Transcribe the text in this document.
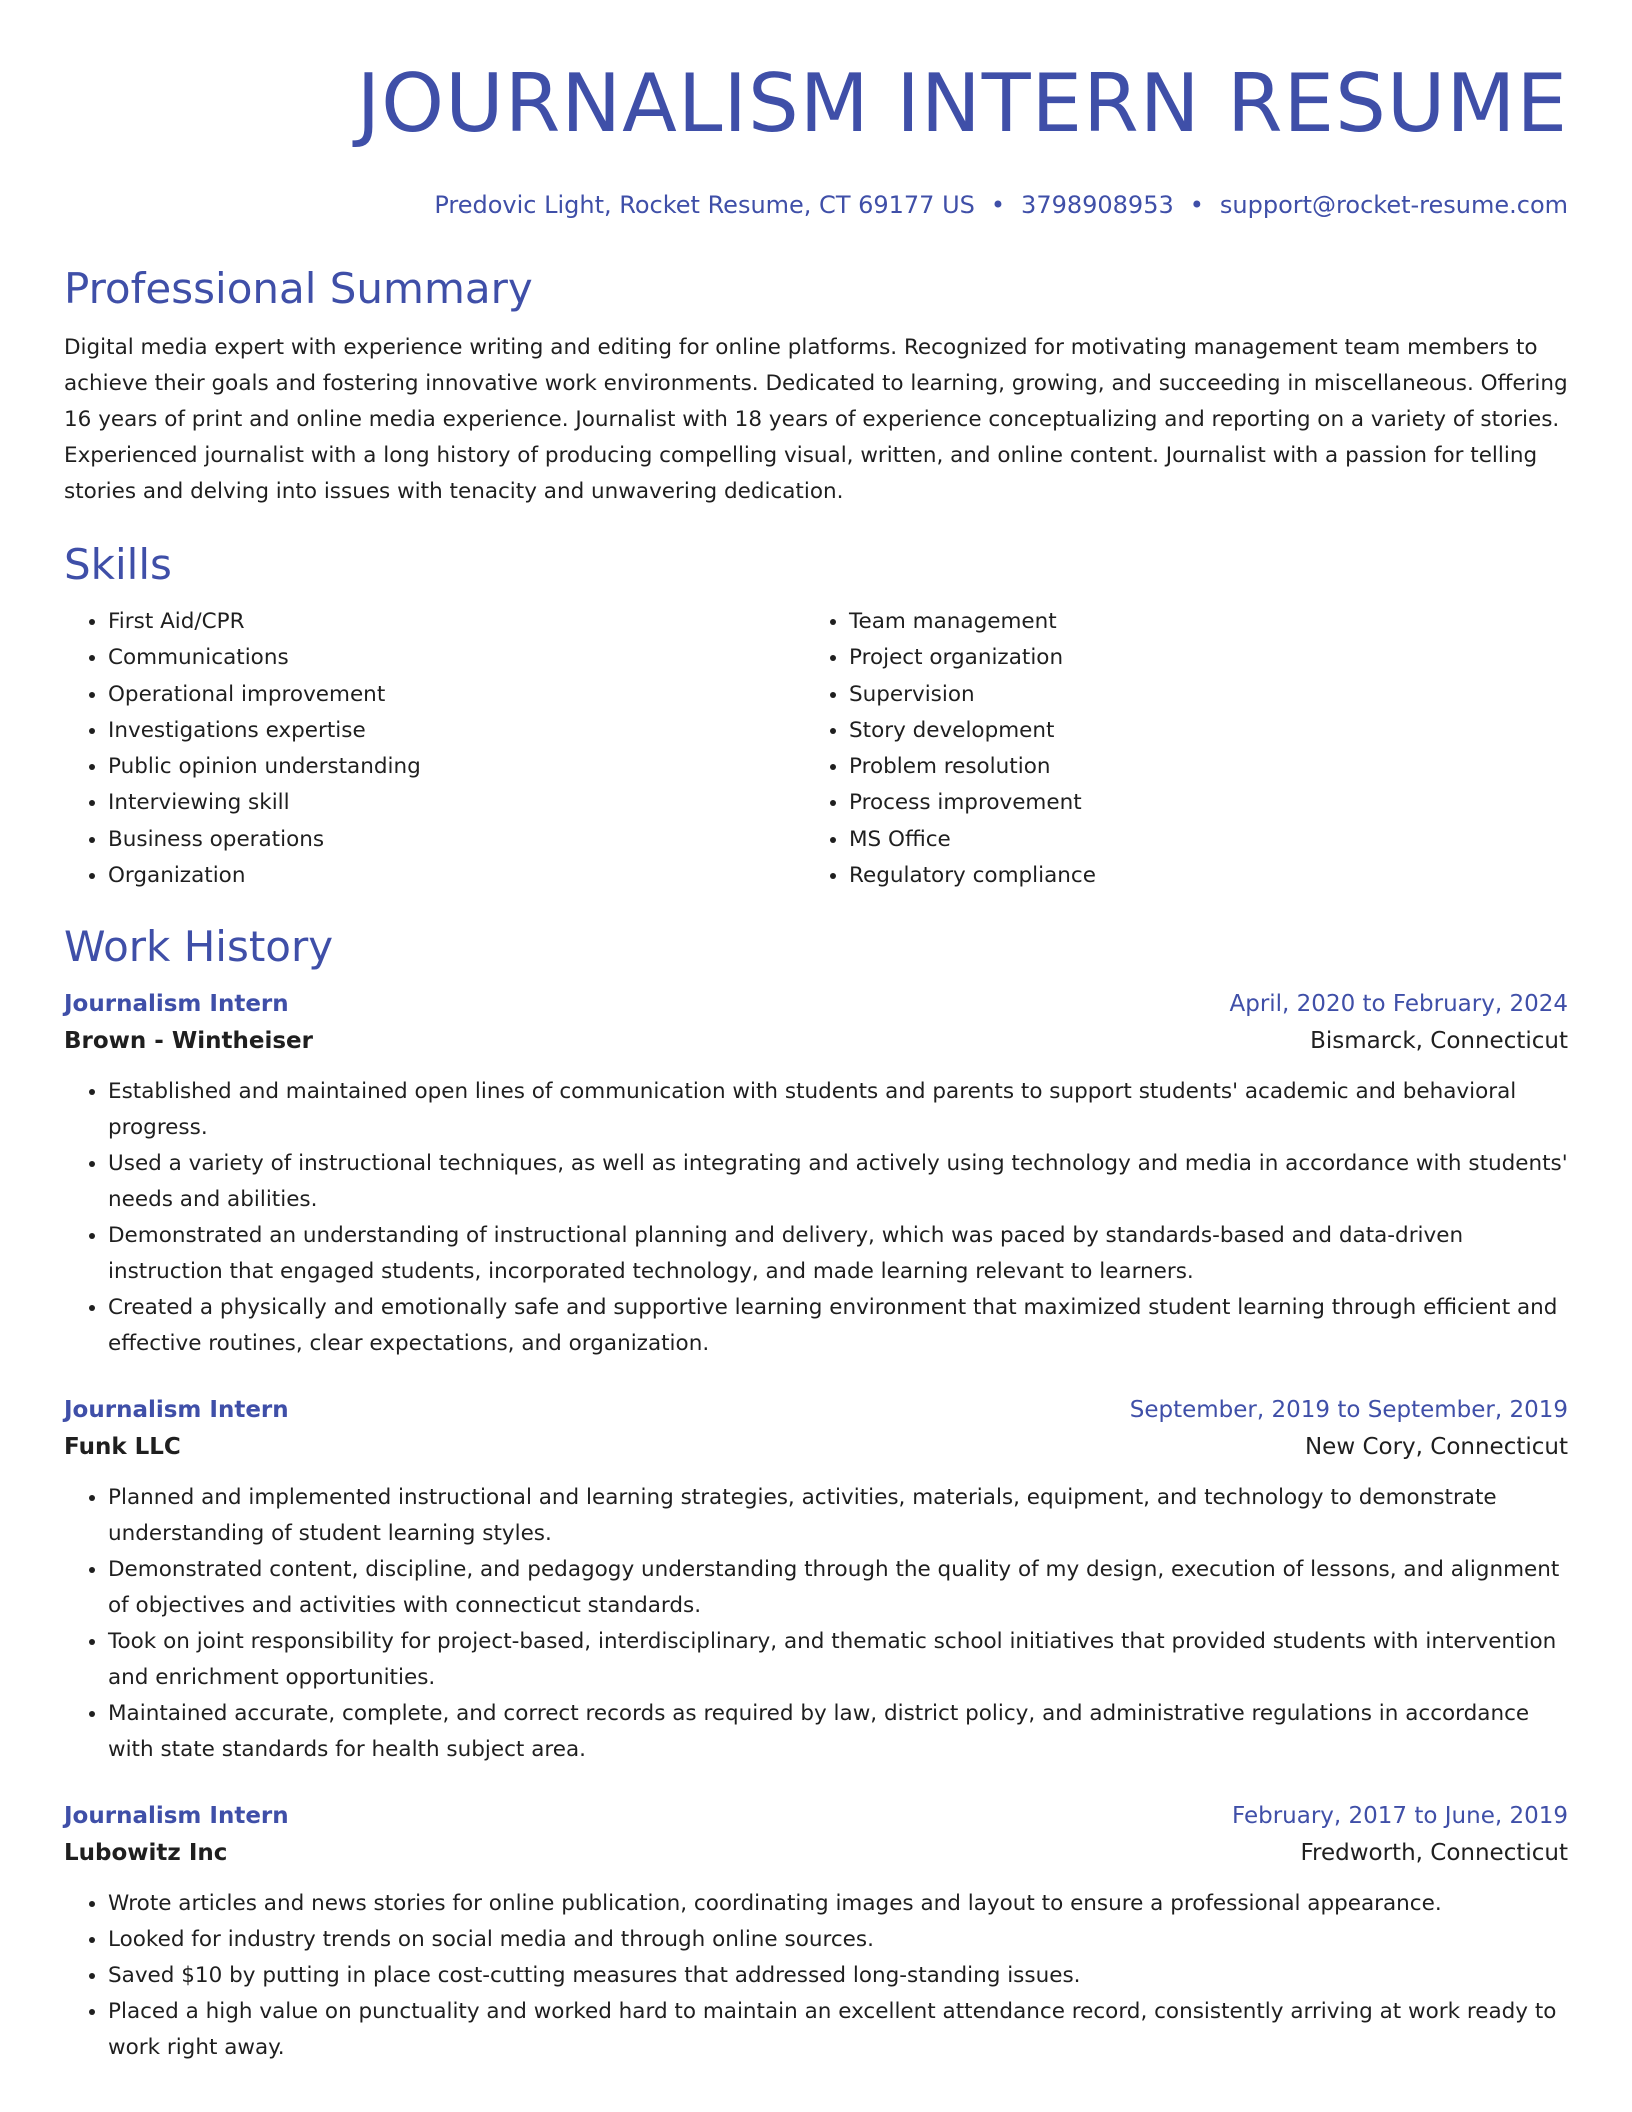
JOURNALISM INTERN RESUME
Predovic Light, Rocket Resume, CT 69177 US • 3798908953 • support@rocket-resume.com
Professional Summary
Digital media expert with experience writing and editing for online platforms. Recognized for motivating management team members to achieve their goals and fostering innovative work environments. Dedicated to learning, growing, and succeeding in miscellaneous. Offering 16 years of print and online media experience. Journalist with 18 years of experience conceptualizing and reporting on a variety of stories. Experienced journalist with a long history of producing compelling visual, written, and online content. Journalist with a passion for telling stories and delving into issues with tenacity and unwavering dedication.
Skills
• First Aid/CPR
• Communications
• Operational improvement
• Investigations expertise
• Public opinion understanding
• Interviewing skill
• Business operations
• Organization
• Team management
• Project organization
• Supervision
• Story development
• Problem resolution
• Process improvement
• MS Office
• Regulatory compliance
Work History
Journalism Intern	April, 2020 to February, 2024
Brown - Wintheiser	Bismarck, Connecticut
• Established and maintained open lines of communication with students and parents to support students' academic and behavioral progress.
• Used a variety of instructional techniques, as well as integrating and actively using technology and media in accordance with students' needs and abilities.
• Demonstrated an understanding of instructional planning and delivery, which was paced by standards-based and data-driven instruction that engaged students, incorporated technology, and made learning relevant to learners.
• Created a physically and emotionally safe and supportive learning environment that maximized student learning through efficient and effective routines, clear expectations, and organization.
Journalism Intern	September, 2019 to September, 2019
Funk LLC	New Cory, Connecticut
• Planned and implemented instructional and learning strategies, activities, materials, equipment, and technology to demonstrate understanding of student learning styles.
• Demonstrated content, discipline, and pedagogy understanding through the quality of my design, execution of lessons, and alignment of objectives and activities with connecticut standards.
• Took on joint responsibility for project-based, interdisciplinary, and thematic school initiatives that provided students with intervention and enrichment opportunities.
• Maintained accurate, complete, and correct records as required by law, district policy, and administrative regulations in accordance with state standards for health subject area.
Journalism Intern	February, 2017 to June, 2019
Lubowitz Inc	Fredworth, Connecticut
• Wrote articles and news stories for online publication, coordinating images and layout to ensure a professional appearance.
• Looked for industry trends on social media and through online sources.
• Saved $10 by putting in place cost-cutting measures that addressed long-standing issues.
• Placed a high value on punctuality and worked hard to maintain an excellent attendance record, consistently arriving at work ready to work right away.
